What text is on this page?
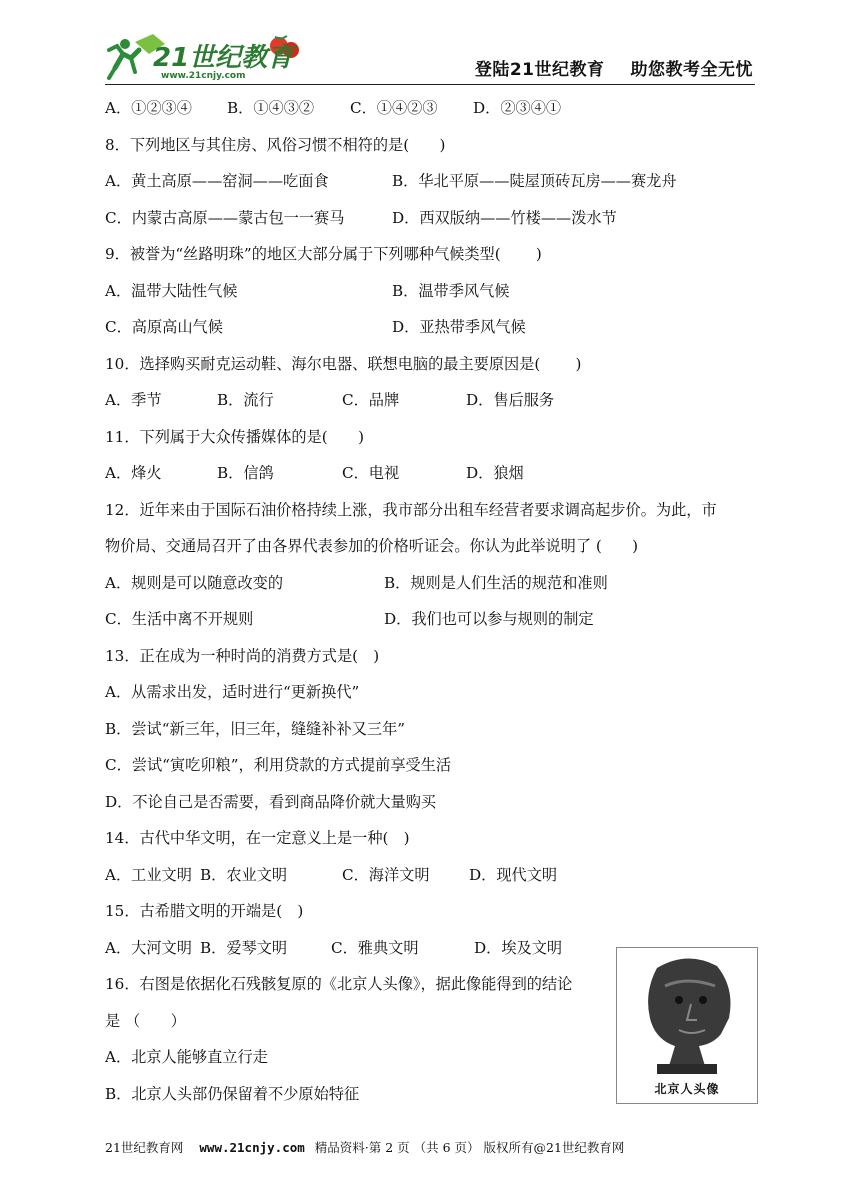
21世纪教育
www.21cnjy.com	登陆21世纪教育 助您教考全无忧
A．①②③④ B．①④③② C．①④②③ D．②③④①
8．下列地区与其住房、风俗习惯不相符的是(　　)
A．黄土高原——窑洞——吃面食	B．华北平原——陡屋顶砖瓦房——赛龙舟
C．内蒙古高原——蒙古包一一赛马	D．西双版纳——竹楼——泼水节
9．被誉为“丝路明珠”的地区大部分属于下列哪种气候类型(　　 )
A．温带大陆性气候	B．温带季风气候
C．高原高山气候	D．亚热带季风气候
10．选择购买耐克运动鞋、海尔电器、联想电脑的最主要原因是(　　 )
A．季节	B．流行	C．品牌	D．售后服务
11．下列属于大众传播媒体的是(　　)
A．烽火	B．信鸽	C．电视	D．狼烟
12．近年来由于国际石油价格持续上涨，我市部分出租车经营者要求调高起步价。为此，市
物价局、交通局召开了由各界代表参加的价格听证会。你认为此举说明了 (　　)
A．规则是可以随意改变的	B．规则是人们生活的规范和准则
C．生活中离不开规则	D．我们也可以参与规则的制定
13．正在成为一种时尚的消费方式是(　)
A．从需求出发，适时进行“更新换代”
B．尝试“新三年，旧三年，缝缝补补又三年”
C．尝试“寅吃卯粮”，利用贷款的方式提前享受生活
D．不论自己是否需要，看到商品降价就大量购买
14．古代中华文明，在一定意义上是一种(　)
A．工业文明 B．农业文明	C．海洋文明	D．现代文明
15．古希腊文明的开端是(　)
A．大河文明 B．爱琴文明	C．雅典文明	D．埃及文明
16．右图是依据化石残骸复原的《北京人头像》，据此像能得到的结论
是 （　　）
A．北京人能够直立行走
B．北京人头部仍保留着不少原始特征	北京人头像
21世纪教育网 www.21cnjy.com 精品资料·第 2 页 （共 6 页） 版权所有@21世纪教育网
